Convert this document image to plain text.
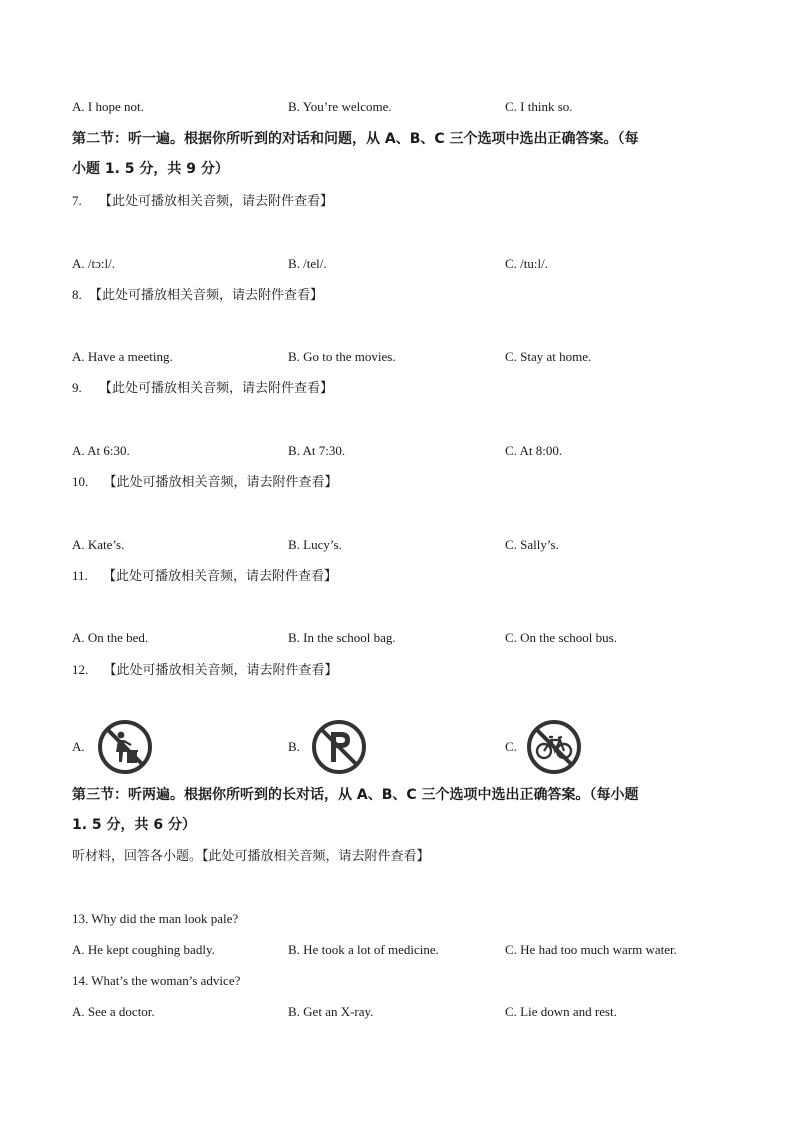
A. I hope not.	B. You’re welcome.	C. I think so.
第二节：听一遍。根据你所听到的对话和问题，从 A、B、C 三个选项中选出正确答案。（每
小题 1. 5 分，共 9 分）
7. 【此处可播放相关音频，请去附件查看】
A. /tɔ:l/.	B. /tel/.	C. /tu:l/.
8. 【此处可播放相关音频，请去附件查看】
A. Have a meeting.	B. Go to the movies.	C. Stay at home.
9. 【此处可播放相关音频，请去附件查看】
A. At 6:30.	B. At 7:30.	C. At 8:00.
10. 【此处可播放相关音频，请去附件查看】
A. Kate’s.	B. Lucy’s.	C. Sally’s.
11. 【此处可播放相关音频，请去附件查看】
A. On the bed.	B. In the school bag.	C. On the school bus.
12. 【此处可播放相关音频，请去附件查看】
A.	B.	C.
第三节：听两遍。根据你所听到的长对话，从 A、B、C 三个选项中选出正确答案。（每小题
1. 5 分，共 6 分）
听材料，回答各小题。【此处可播放相关音频，请去附件查看】
13. Why did the man look pale?
A. He kept coughing badly.	B. He took a lot of medicine.	C. He had too much warm water.
14. What’s the woman’s advice?
A. See a doctor.	B. Get an X-ray.	C. Lie down and rest.
